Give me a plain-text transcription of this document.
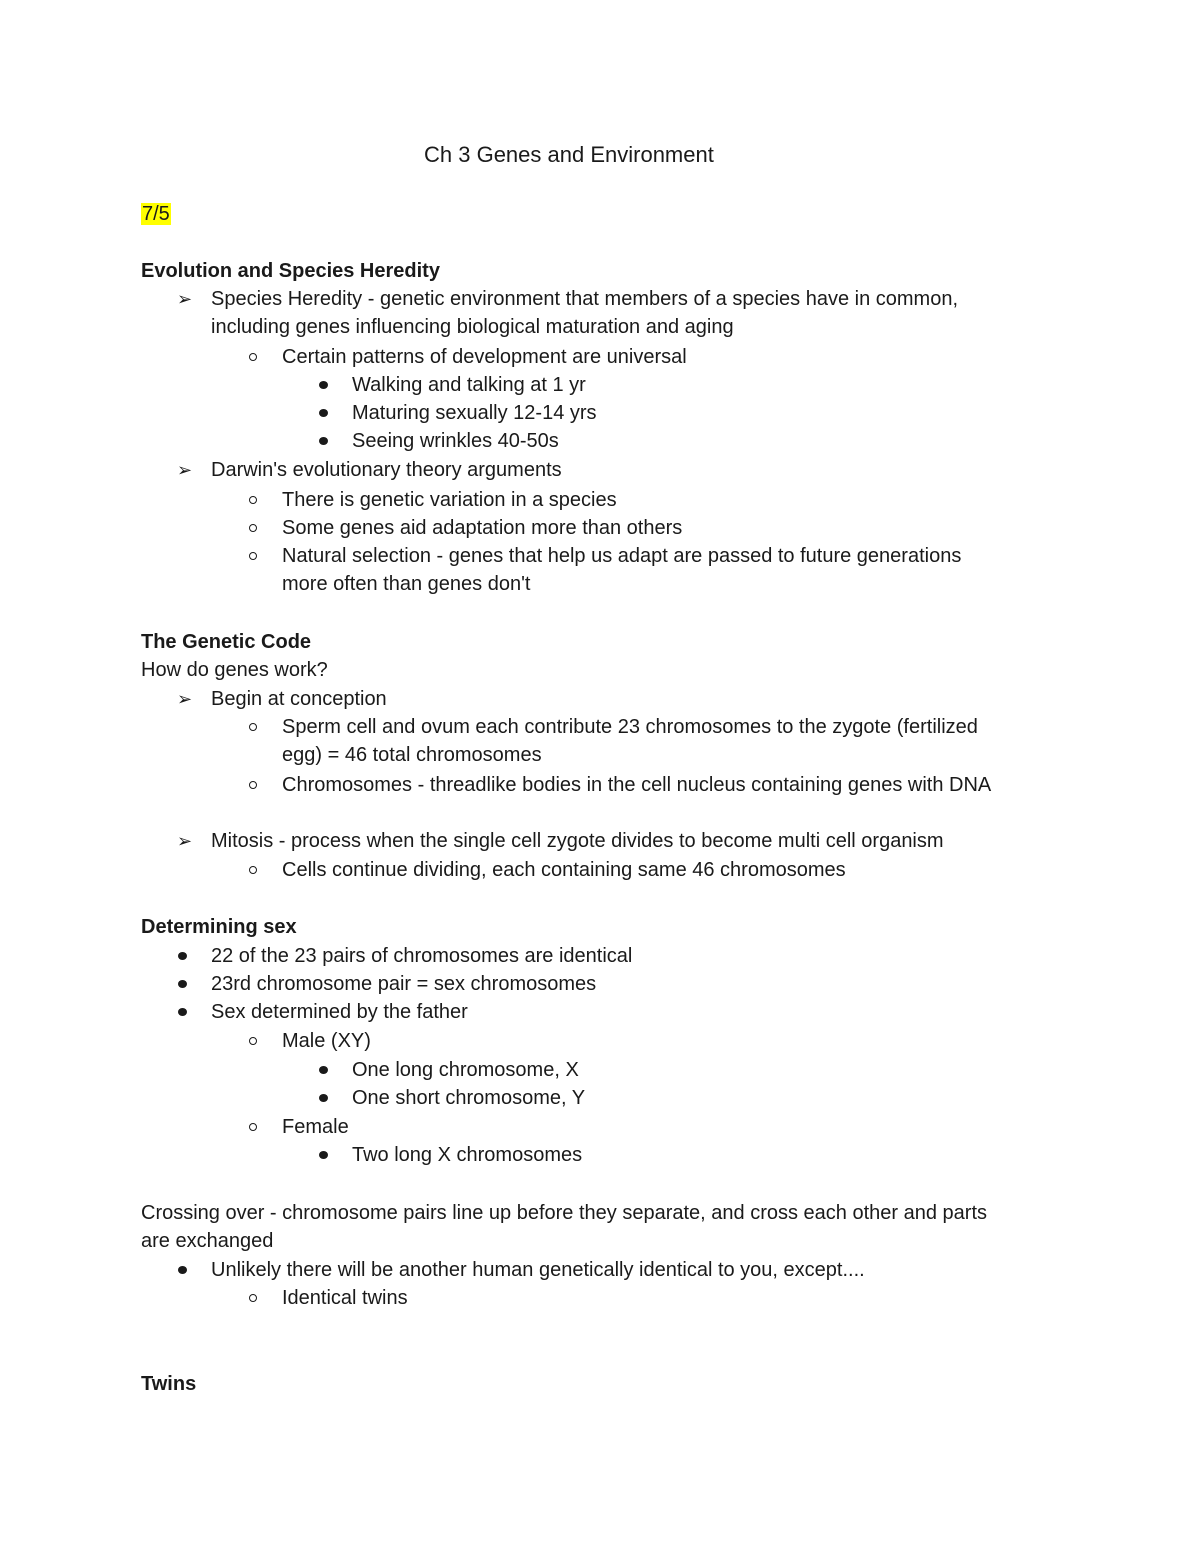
Ch 3 Genes and Environment
7/5
Evolution and Species Heredity
➢ Species Heredity - genetic environment that members of a species have in common,
including genes influencing biological maturation and aging
Certain patterns of development are universal
Walking and talking at 1 yr
Maturing sexually 12-14 yrs
Seeing wrinkles 40-50s
➢ Darwin's evolutionary theory arguments
There is genetic variation in a species
Some genes aid adaptation more than others
Natural selection - genes that help us adapt are passed to future generations
more often than genes don't
The Genetic Code
How do genes work?
➢ Begin at conception
Sperm cell and ovum each contribute 23 chromosomes to the zygote (fertilized
egg) = 46 total chromosomes
Chromosomes - threadlike bodies in the cell nucleus containing genes with DNA
➢ Mitosis - process when the single cell zygote divides to become multi cell organism
Cells continue dividing, each containing same 46 chromosomes
Determining sex
22 of the 23 pairs of chromosomes are identical
23rd chromosome pair = sex chromosomes
Sex determined by the father
Male (XY)
One long chromosome, X
One short chromosome, Y
Female
Two long X chromosomes
Crossing over - chromosome pairs line up before they separate, and cross each other and parts
are exchanged
Unlikely there will be another human genetically identical to you, except....
Identical twins
Twins
